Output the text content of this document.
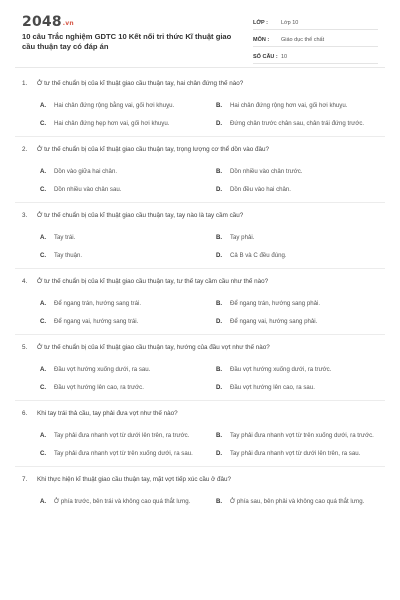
2048.vn
10 câu Trắc nghiệm GDTC 10 Kết nối tri thức Kĩ thuật giao cầu thuận tay có đáp án
LỚP :	Lớp 10
MÔN :	Giáo dục thể chất
SỐ CÂU : 10
1.	Ở tư thế chuẩn bị của kĩ thuật giao cầu thuận tay, hai chân đứng thế nào?
A.	Hai chân đứng rộng bằng vai, gối hơi khuỵu.	B.	Hai chân đứng rộng hơn vai, gối hơi khuỵu.
C.	Hai chân đứng hẹp hơn vai, gối hơi khuỵu.	D.	Đứng chân trước chân sau, chân trái đứng trước.
2.	Ở tư thế chuẩn bị của kĩ thuật giao cầu thuận tay, trọng lượng cơ thể dồn vào đâu?
A.	Dồn vào giữa hai chân.	B.	Dồn nhiều vào chân trước.
C.	Dồn nhiều vào chân sau.	D.	Dồn đều vào hai chân.
3.	Ở tư thế chuẩn bị của kĩ thuật giao cầu thuận tay, tay nào là tay cầm cầu?
A.	Tay trái.	B.	Tay phải.
C.	Tay thuận.	D.	Cả B và C đều đúng.
4.	Ở tư thế chuẩn bị của kĩ thuật giao cầu thuận tay, tư thế tay cầm cầu như thế nào?
A.	Để ngang trán, hướng sang trái.	B.	Để ngang trán, hướng sang phải.
C.	Để ngang vai, hướng sang trái.	D.	Để ngang vai, hướng sang phải.
5.	Ở tư thế chuẩn bị của kĩ thuật giao cầu thuận tay, hướng của đầu vợt như thế nào?
A.	Đầu vợt hướng xuống dưới, ra sau.	B.	Đầu vợt hướng xuống dưới, ra trước.
C.	Đầu vợt hướng lên cao, ra trước.	D.	Đầu vợt hướng lên cao, ra sau.
6.	Khi tay trái thả cầu, tay phải đưa vợt như thế nào?
A.	Tay phải đưa nhanh vợt từ dưới lên trên, ra trước.	B.	Tay phải đưa nhanh vợt từ trên xuống dưới, ra trước.
C.	Tay phải đưa nhanh vợt từ trên xuống dưới, ra sau.	D.	Tay phải đưa nhanh vợt từ dưới lên trên, ra sau.
7.	Khi thực hiện kĩ thuật giao cầu thuận tay, mặt vợt tiếp xúc cầu ở đâu?
A.	Ở phía trước, bên trái và không cao quá thắt lưng.	B.	Ở phía sau, bên phải và không cao quá thắt lưng.
